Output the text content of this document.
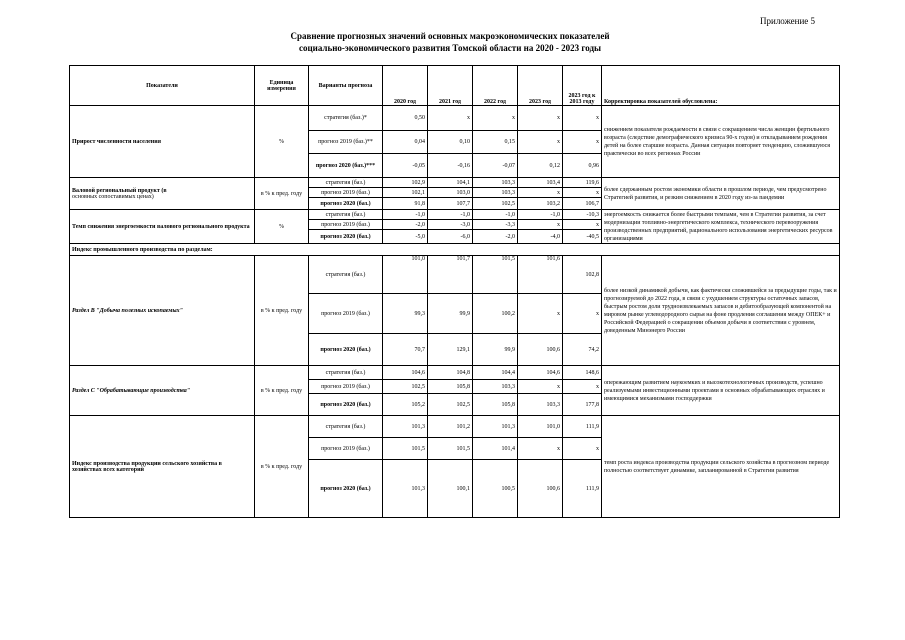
Приложение 5
Сравнение прогнозных значений основных макроэкономических показателей
социально-экономического развития Томской области на 2020 - 2023 годы
Показатели	Единица измерения	Варианты прогноза	2020 год	2021 год	2022 год	2023 год	2023 год к 2013 году	Корректировка показателей обусловлена:
Прирост численности населения	%	стратегия (баз.)*	0,50	x	x	x	x	снижением показателя рождаемости в связи с сокращением числа женщин фертильного возраста (следствие демографического кризиса 90-х годов) и откладыванием рождения детей на более старшие возраста. Данная ситуация повторяет тенденцию, сложившуюся практически во всех регионах России
		прогноз 2019 (баз.)**	0,04	0,10	0,15	x	x	
		прогноз 2020 (баз.)***	-0,05	-0,16	-0,07	0,12	0,96	
Валовой региональный продукт (в
основных сопоставимых ценах)	в % к пред. году	стратегия (баз.)	102,9	104,1	103,3	103,4	119,6	более сдержанным ростом экономики области в прошлом периоде, чем предусмотрено Стратегией развития, и резким снижением в 2020 году из-за пандемии
		прогноз 2019 (баз.)	102,1	103,0	103,3	x	x	
		прогноз 2020 (баз.)	91,8	107,7	102,5	103,2	106,7	
Темп снижения энергоемкости валового регионального продукта	%	стратегия (баз.)	-1,0	-1,0	-1,0	-1,0	-10,3	энергоемкость снижается более быстрыми темпами, чем в Стратегии развития, за счет модернизации топливно-энергетического комплекса, технического перевооружения производственных предприятий, рационального использования энергетических ресурсов организациями
		прогноз 2019 (баз.)	-2,0	-3,0	-3,3	x	x	
		прогноз 2020 (баз.)	-5,0	-6,0	-2,0	-4,0	-40,5	
Индекс промышленного производства по разделам:								
Раздел В "Добыча полезных ископаемых"	в % к пред. году	стратегия (баз.)	101,0	101,7	101,5	101,6	102,8	более низкой динамикой добычи, как фактически сложившейся за предыдущие годы, так и прогнозируемой до 2022 года, в связи с ухудшением структуры остаточных запасов, быстрым ростом доли трудноизвлекаемых запасов и дебитообразующей компонентой на мировом рынке углеводородного сырья на фоне продления соглашения между ОПЕК+ и Российской Федерацией о сокращении объемов добычи в соответствии с уровнем, доведенным Минэнерго России
		прогноз 2019 (баз.)	99,3	99,9	100,2	x	x	
		прогноз 2020 (баз.)	70,7	129,1	99,9	100,6	74,2	
Раздел С "Обрабатывающие производства"	в % к пред. году	стратегия (баз.)	104,6	104,8	104,4	104,6	148,6	опережающим развитием наукоемких и высокотехнологичных производств, успешно реализуемыми инвестиционными проектами в основных обрабатывающих отраслях и имеющимися механизмами господдержки
		прогноз 2019 (баз.)	102,5	105,8	103,3	x	x	
		прогноз 2020 (баз.)	105,2	102,5	105,8	103,3	177,8	
Индекс производства продукции сельского хозяйства в хозяйствах всех категорий	в % к пред. году	стратегия (баз.)	101,3	101,2	101,3	101,0	111,9	темп роста индекса производства продукции сельского хозяйства в прогнозном периоде полностью соответствует динамике, запланированной в Стратегии развития
		прогноз 2019 (баз.)	101,5	101,5	101,4	x	x	
		прогноз 2020 (баз.)	101,3	100,1	100,5	100,6	111,9	
